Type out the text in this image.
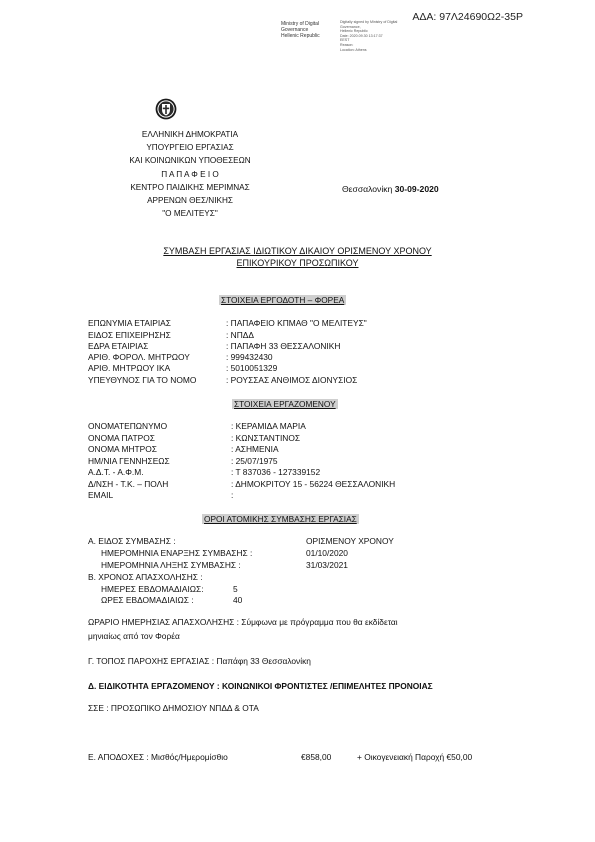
ΑΔΑ: 97Λ24690Ω2-35Ρ
Ministry of Digital
Governance
Hellenic Republic
Digitally signed by Ministry of Digital
Governance,
Hellenic Republic
Date: 2020.09.30 13:17:37
EEST
Reason:
Location: Athens
ΕΛΛΗΝΙΚΗ ΔΗΜΟΚΡΑΤΙΑ
ΥΠΟΥΡΓΕΙΟ ΕΡΓΑΣΙΑΣ
ΚΑΙ ΚΟΙΝΩΝΙΚΩΝ ΥΠΟΘΕΣΕΩΝ
Π Α Π Α Φ Ε Ι Ο
ΚΕΝΤΡΟ ΠΑΙΔΙΚΗΣ ΜΕΡΙΜΝΑΣ
ΑΡΡΕΝΩΝ ΘΕΣ/ΝΙΚΗΣ
"Ο ΜΕΛΙΤΕΥΣ"
Θεσσαλονίκη 30-09-2020
ΣΥΜΒΑΣΗ ΕΡΓΑΣΙΑΣ ΙΔΙΩΤΙΚΟΥ ΔΙΚΑΙΟΥ ΟΡΙΣΜΕΝΟΥ ΧΡΟΝΟΥ
ΕΠΙΚΟΥΡΙΚΟΥ ΠΡΟΣΩΠΙΚΟΥ
ΣΤΟΙΧΕΙΑ ΕΡΓΟΔΟΤΗ – ΦΟΡΕΑ
ΕΠΩΝΥΜΙΑ ΕΤΑΙΡΙΑΣ	: ΠΑΠΑΦΕΙΟ ΚΠΜΑΘ "Ο ΜΕΛΙΤΕΥΣ"
ΕΙΔΟΣ ΕΠΙΧΕΙΡΗΣΗΣ	: ΝΠΔΔ
ΕΔΡΑ ΕΤΑΙΡΙΑΣ	: ΠΑΠΑΦΗ 33 ΘΕΣΣΑΛΟΝΙΚΗ
ΑΡΙΘ. ΦΟΡΟΛ. ΜΗΤΡΩΟΥ	: 999432430
ΑΡΙΘ. ΜΗΤΡΩΟΥ ΙΚΑ	: 5010051329
ΥΠΕΥΘΥΝΟΣ ΓΙΑ ΤΟ ΝΟΜΟ	: ΡΟΥΣΣΑΣ ΑΝΘΙΜΟΣ ΔΙΟΝΥΣΙΟΣ
ΣΤΟΙΧΕΙΑ ΕΡΓΑΖΟΜΕΝΟΥ
ΟΝΟΜΑΤΕΠΩΝΥΜΟ	: ΚΕΡΑΜΙΔΑ ΜΑΡΙΑ
ΟΝΟΜΑ ΠΑΤΡΟΣ	: ΚΩΝΣΤΑΝΤΙΝΟΣ
ΟΝΟΜΑ ΜΗΤΡΟΣ	: ΑΣΗΜΕΝΙΑ
ΗΜ/ΝΙΑ ΓΕΝΝΗΣΕΩΣ	: 25/07/1975
Α.Δ.Τ. - Α.Φ.Μ.	: Τ 837036 - 127339152
Δ/ΝΣΗ - Τ.Κ. – ΠΟΛΗ	: ΔΗΜΟΚΡΙΤΟΥ 15 - 56224 ΘΕΣΣΑΛΟΝΙΚΗ
EMAIL	:
ΟΡΟΙ ΑΤΟΜΙΚΗΣ ΣΥΜΒΑΣΗΣ ΕΡΓΑΣΙΑΣ
Α. ΕΙΔΟΣ ΣΥΜΒΑΣΗΣ :	ΟΡΙΣΜΕΝΟΥ ΧΡΟΝΟΥ
ΗΜΕΡΟΜΗΝΙΑ ΕΝΑΡΞΗΣ ΣΥΜΒΑΣΗΣ :	01/10/2020
ΗΜΕΡΟΜΗΝΙΑ ΛΗΞΗΣ ΣΥΜΒΑΣΗΣ :	31/03/2021
Β. ΧΡΟΝΟΣ ΑΠΑΣΧΟΛΗΣΗΣ :
ΗΜΕΡΕΣ ΕΒΔΟΜΑΔΙΑΙΩΣ:	5
ΩΡΕΣ ΕΒΔΟΜΑΔΙΑΙΩΣ :	40
ΩΡΑΡΙΟ ΗΜΕΡΗΣΙΑΣ ΑΠΑΣΧΟΛΗΣΗΣ : Σύμφωνα με πρόγραμμα που θα εκδίδεται
μηνιαίως από τον Φορέα
Γ. ΤΟΠΟΣ ΠΑΡΟΧΗΣ ΕΡΓΑΣΙΑΣ : Παπάφη 33 Θεσσαλονίκη
Δ. ΕΙΔΙΚΟΤΗΤΑ ΕΡΓΑΖΟΜΕΝΟΥ : ΚΟΙΝΩΝΙΚΟΙ ΦΡΟΝΤΙΣΤΕΣ /ΕΠΙΜΕΛΗΤΕΣ ΠΡΟΝΟΙΑΣ
ΣΣΕ : ΠΡΟΣΩΠΙΚΟ ΔΗΜΟΣΙΟΥ ΝΠΔΔ & ΟΤΑ
Ε. ΑΠΟΔΟΧΕΣ : Μισθός/Ημερομίσθιο	€858,00	+ Οικογενειακή Παροχή €50,00
